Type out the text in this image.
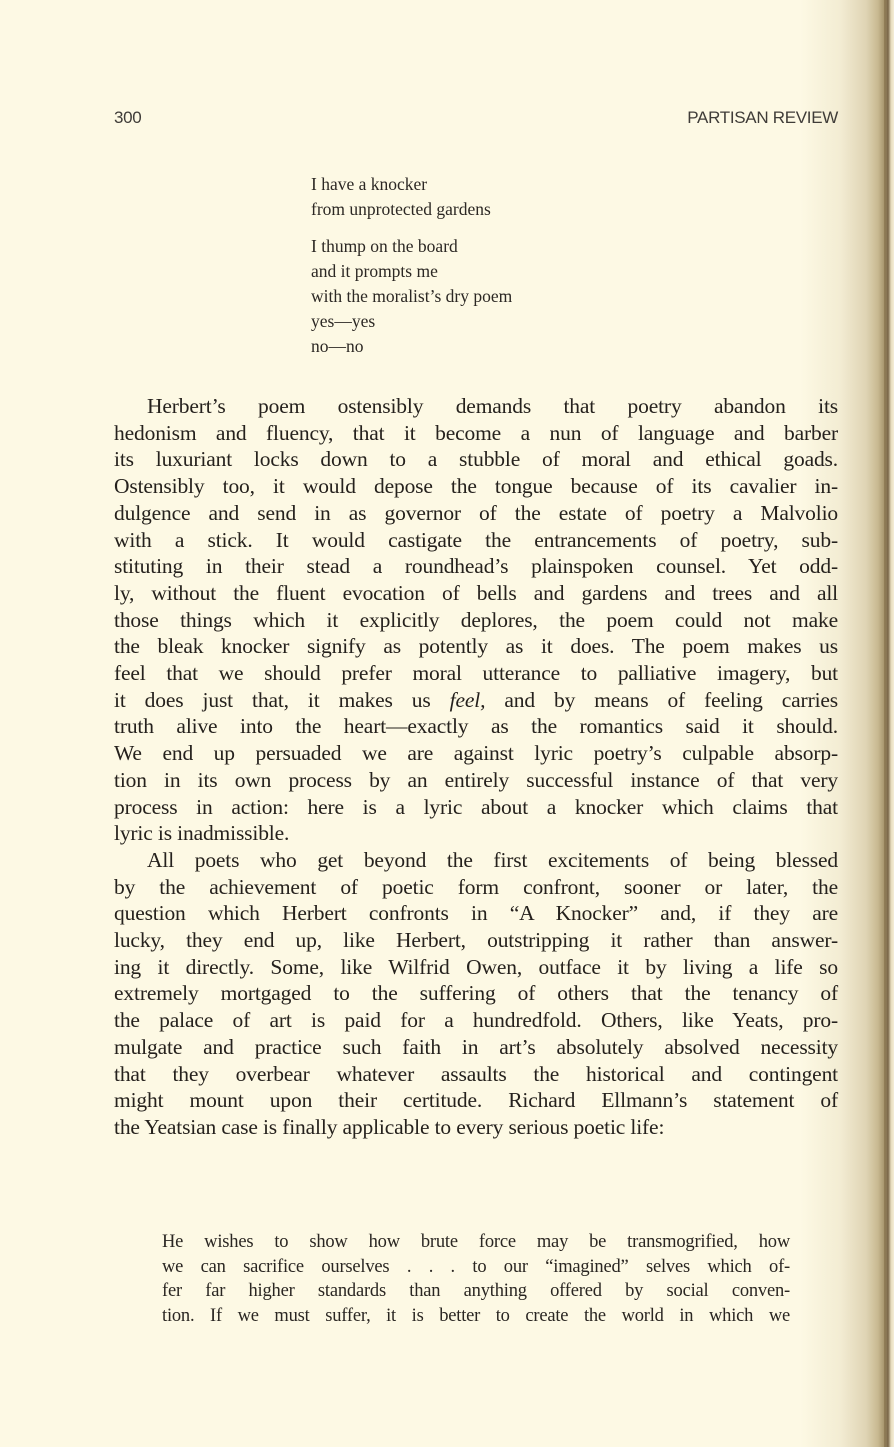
300	PARTISAN REVIEW
I have a knocker
from unprotected gardens
I thump on the board
and it prompts me
with the moralist’s dry poem
yes—yes
no—no

Herbert’s poem ostensibly demands that poetry abandon its
hedonism and fluency, that it become a nun of language and barber
its luxuriant locks down to a stubble of moral and ethical goads.
Ostensibly too, it would depose the tongue because of its cavalier in-
dulgence and send in as governor of the estate of poetry a Malvolio
with a stick. It would castigate the entrancements of poetry, sub-
stituting in their stead a roundhead’s plainspoken counsel. Yet odd-
ly, without the fluent evocation of bells and gardens and trees and all
those things which it explicitly deplores, the poem could not make
the bleak knocker signify as potently as it does. The poem makes us
feel that we should prefer moral utterance to palliative imagery, but
it does just that, it makes us feel, and by means of feeling carries
truth alive into the heart—exactly as the romantics said it should.
We end up persuaded we are against lyric poetry’s culpable absorp-
tion in its own process by an entirely successful instance of that very
process in action: here is a lyric about a knocker which claims that
lyric is inadmissible.

All poets who get beyond the first excitements of being blessed
by the achievement of poetic form confront, sooner or later, the
question which Herbert confronts in “A Knocker” and, if they are
lucky, they end up, like Herbert, outstripping it rather than answer-
ing it directly. Some, like Wilfrid Owen, outface it by living a life so
extremely mortgaged to the suffering of others that the tenancy of
the palace of art is paid for a hundredfold. Others, like Yeats, pro-
mulgate and practice such faith in art’s absolutely absolved necessity
that they overbear whatever assaults the historical and contingent
might mount upon their certitude. Richard Ellmann’s statement of
the Yeatsian case is finally applicable to every serious poetic life:

He wishes to show how brute force may be transmogrified, how
we can sacrifice ourselves . . . to our “imagined” selves which of-
fer far higher standards than anything offered by social conven-
tion. If we must suffer, it is better to create the world in which we
